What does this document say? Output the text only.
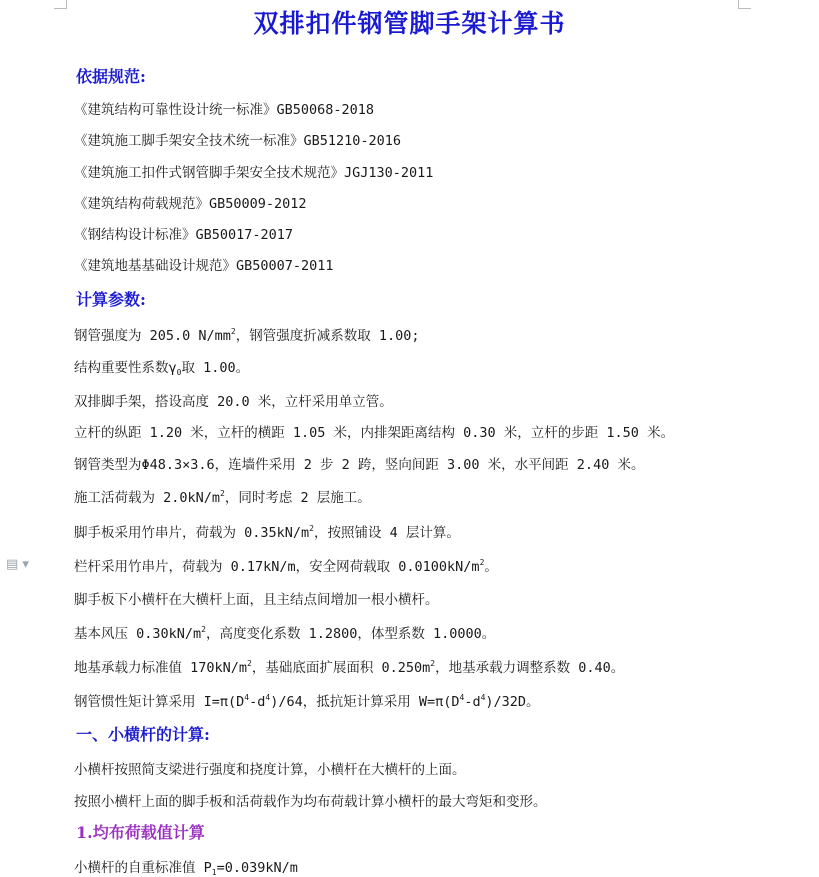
▤ ▾
双排扣件钢管脚手架计算书
依据规范:

《建筑结构可靠性设计统一标准》GB50068-2018

《建筑施工脚手架安全技术统一标准》GB51210-2016

《建筑施工扣件式钢管脚手架安全技术规范》JGJ130-2011

《建筑结构荷载规范》GB50009-2012

《钢结构设计标准》GB50017-2017

《建筑地基基础设计规范》GB50007-2011

计算参数:

钢管强度为 205.0 $N/mm^2$，钢管强度折减系数取 1.00;

结构重要性系数$\gamma_0$取 1.00。

双排脚手架，搭设高度 20.0 米，立杆采用单立管。

立杆的纵距 1.20 米，立杆的横距 1.05 米，内排架距离结构 0.30 米，立杆的步距 1.50 米。

钢管类型为Φ48.3×3.6，连墙件采用 2 步 2 跨，竖向间距 3.00 米，水平间距 2.40 米。

施工活荷载为 $2.0kN/m^2$，同时考虑 2 层施工。

脚手板采用竹串片，荷载为 $0.35kN/m^2$，按照铺设 4 层计算。

栏杆采用竹串片，荷载为 0.17kN/m，安全网荷载取 $0.0100kN/m^2$。

脚手板下小横杆在大横杆上面，且主结点间增加一根小横杆。

基本风压 $0.30kN/m^2$，高度变化系数 1.2800，体型系数 1.0000。

地基承载力标准值 $170kN/m^2$，基础底面扩展面积 $0.250m^2$，地基承载力调整系数 0.40。

钢管惯性矩计算采用 $I=\pi(D^4-d^4)/64$，抵抗矩计算采用 $W=\pi(D^4-d^4)/32D$。

一、小横杆的计算:

小横杆按照简支梁进行强度和挠度计算，小横杆在大横杆的上面。

按照小横杆上面的脚手板和活荷载作为均布荷载计算小横杆的最大弯矩和变形。

1.均布荷载值计算

小横杆的自重标准值 $P_1=0.039kN/m$
